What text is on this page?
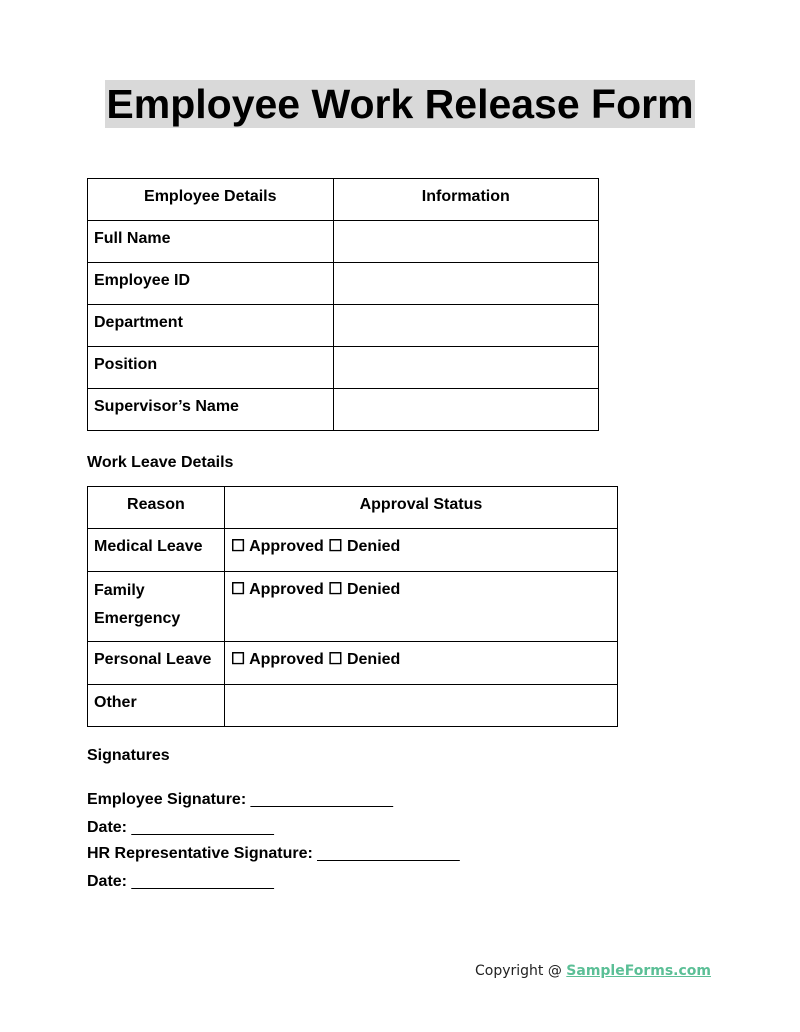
Employee Work Release Form
Employee Details	Information
Full Name	
Employee ID	
Department	
Position	
Supervisor’s Name	
Work Leave Details
Reason	Approval Status
Medical Leave	☐ Approved ☐ Denied
Family Emergency	☐ Approved ☐ Denied
Personal Leave	☐ Approved ☐ Denied
Other	
Signatures
Employee Signature: ________________
Date: ________________
HR Representative Signature: ________________
Date: ________________
Copyright @ SampleForms.com
